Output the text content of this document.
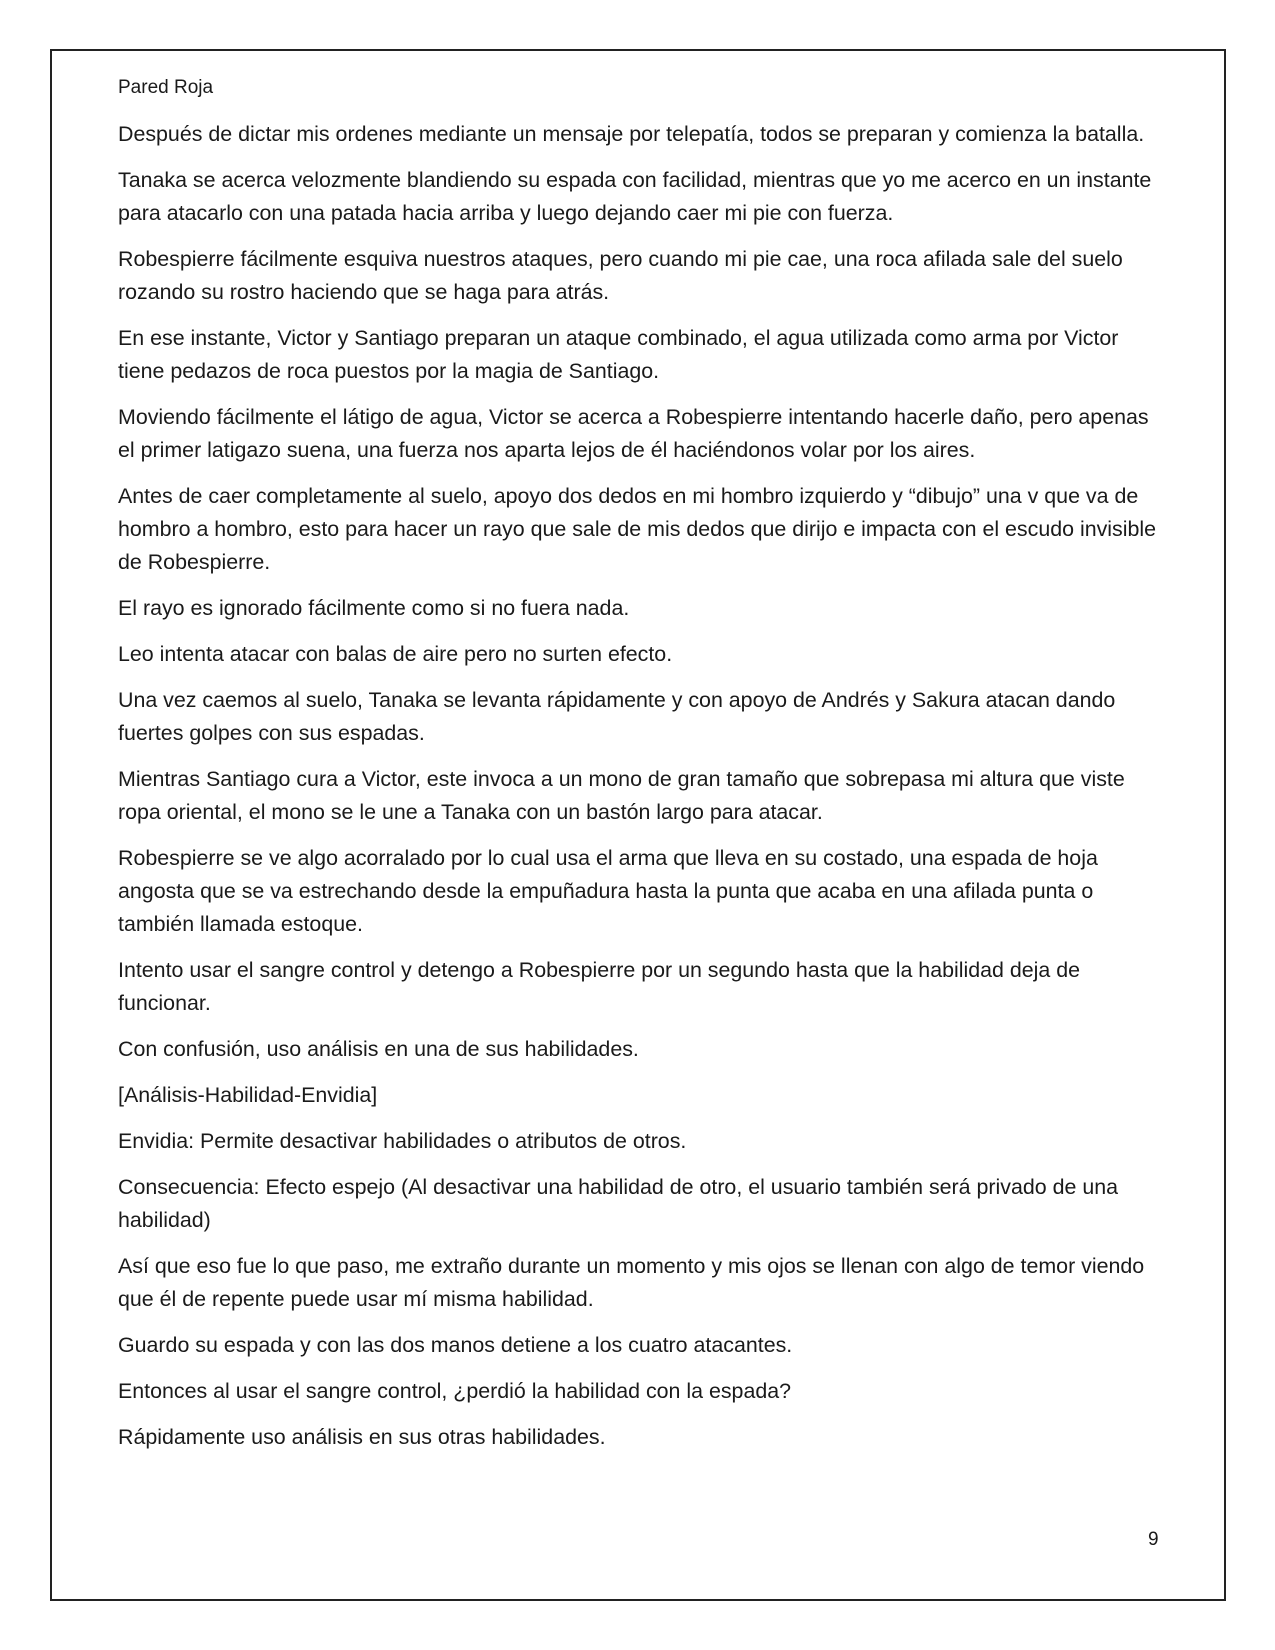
Pared Roja

Después de dictar mis ordenes mediante un mensaje por telepatía, todos se preparan y comienza la batalla.

Tanaka se acerca velozmente blandiendo su espada con facilidad, mientras que yo me acerco en un instante para atacarlo con una patada hacia arriba y luego dejando caer mi pie con fuerza.

Robespierre fácilmente esquiva nuestros ataques, pero cuando mi pie cae, una roca afilada sale del suelo rozando su rostro haciendo que se haga para atrás.

En ese instante, Victor y Santiago preparan un ataque combinado, el agua utilizada como arma por Victor tiene pedazos de roca puestos por la magia de Santiago.

Moviendo fácilmente el látigo de agua, Victor se acerca a Robespierre intentando hacerle daño, pero apenas el primer latigazo suena, una fuerza nos aparta lejos de él haciéndonos volar por los aires.

Antes de caer completamente al suelo, apoyo dos dedos en mi hombro izquierdo y “dibujo” una v que va de hombro a hombro, esto para hacer un rayo que sale de mis dedos que dirijo e impacta con el escudo invisible de Robespierre.

El rayo es ignorado fácilmente como si no fuera nada.

Leo intenta atacar con balas de aire pero no surten efecto.

Una vez caemos al suelo, Tanaka se levanta rápidamente y con apoyo de Andrés y Sakura atacan dando fuertes golpes con sus espadas.

Mientras Santiago cura a Victor, este invoca a un mono de gran tamaño que sobrepasa mi altura que viste ropa oriental, el mono se le une a Tanaka con un bastón largo para atacar.

Robespierre se ve algo acorralado por lo cual usa el arma que lleva en su costado, una espada de hoja angosta que se va estrechando desde la empuñadura hasta la punta que acaba en una afilada punta o también llamada estoque.

Intento usar el sangre control y detengo a Robespierre por un segundo hasta que la habilidad deja de funcionar.

Con confusión, uso análisis en una de sus habilidades.

[Análisis-Habilidad-Envidia]

Envidia: Permite desactivar habilidades o atributos de otros.

Consecuencia: Efecto espejo (Al desactivar una habilidad de otro, el usuario también será privado de una habilidad)

Así que eso fue lo que paso, me extraño durante un momento y mis ojos se llenan con algo de temor viendo que él de repente puede usar mí misma habilidad.

Guardo su espada y con las dos manos detiene a los cuatro atacantes.

Entonces al usar el sangre control, ¿perdió la habilidad con la espada?

Rápidamente uso análisis en sus otras habilidades.

9
